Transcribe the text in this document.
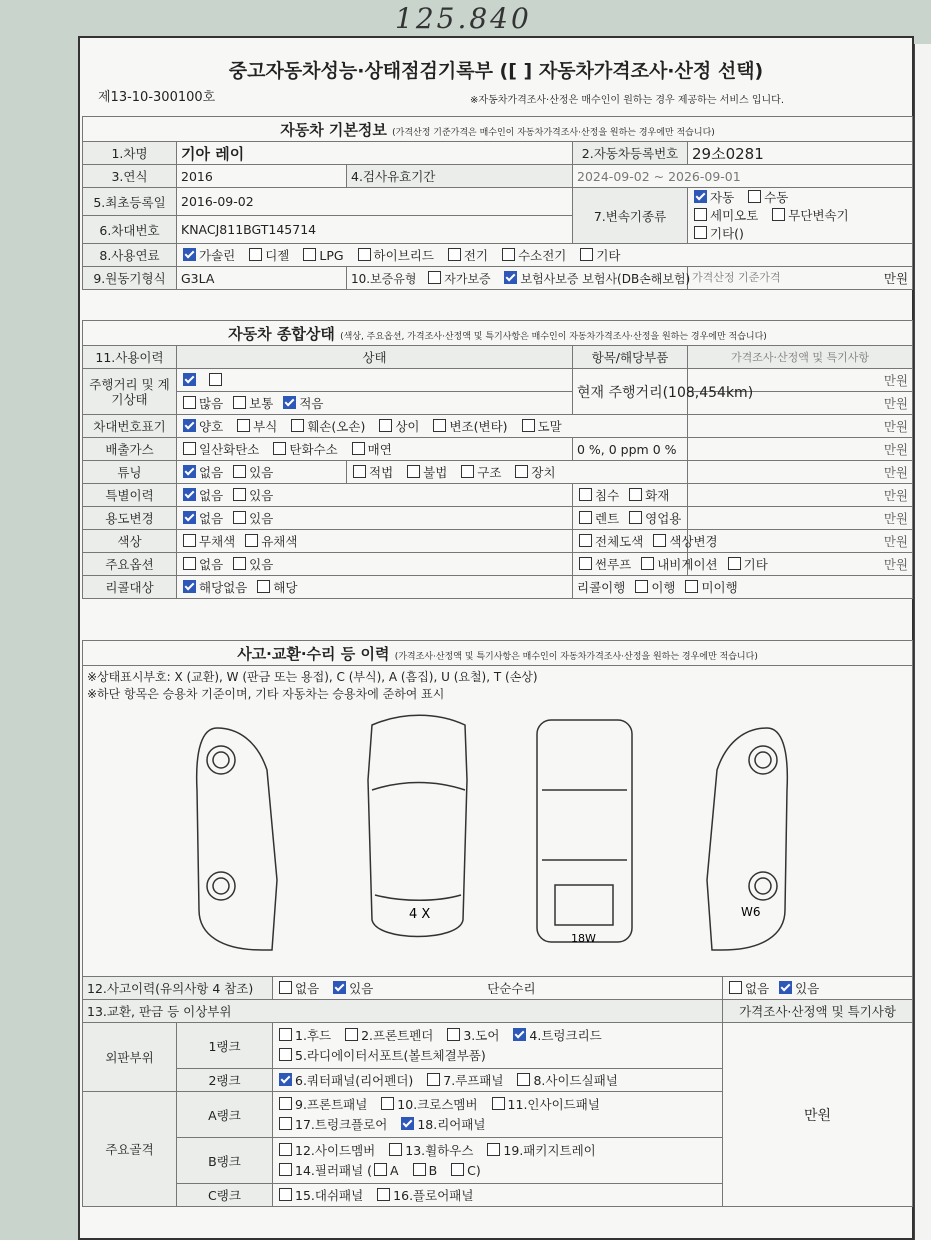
125.840
중고자동차성능·상태점검기록부 ([ ] 자동차가격조사·산정 선택)
제13-10-300100호	※자동차가격조사·산정은 매수인이 원하는 경우 제공하는 서비스 입니다.
자동차 기본정보 (가격산정 기준가격은 매수인이 자동차가격조사·산정을 원하는 경우에만 적습니다)				
1.차명	기아 레이		2.자동차등록번호	29소0281
3.연식	2016	4.검사유효기간	2024-09-02 ~ 2026-09-01	
5.최초등록일	2016-09-02		7.변속기종류	자동 수동
세미오토 무단변속기
기타()
6.차대번호	KNACJ811BGT145714			
8.사용연료	가솔린 디젤 LPG 하이브리드 전기 수소전기 기타			
9.원동기형식	G3LA	10.보증유형 자가보증 보험사보증 보험사(DB손해보험)		가격산정 기준가격 만원
자동차 종합상태 (색상, 주요옵션, 가격조사·산정액 및 특기사항은 매수인이 자동차가격조사·산정을 원하는 경우에만 적습니다)				
11.사용이력	상태		항목/해당부품	가격조사·산정액 및 특기사항
주행거리 및 계기상태			현재 주행거리(108,454km)	만원
	많음 보통 적음			만원
차대번호표기	양호 부식 훼손(오손) 상이 변조(변타) 도말			만원
배출가스	일산화탄소 탄화수소 매연		0 %, 0 ppm 0 %	만원
튜닝	없음 있음	적법 불법 구조 장치		만원
특별이력	없음 있음		침수 화재	만원
용도변경	없음 있음		렌트 영업용	만원
색상	무채색 유채색		전체도색 색상변경	만원
주요옵션	없음 있음		썬루프 내비게이션 기타	만원
리콜대상	해당없음 해당		리콜이행 이행 미이행	
사고·교환·수리 등 이력 (가격조사·산정액 및 특기사항은 매수인이 자동차가격조사·산정을 원하는 경우에만 적습니다)			

※상태표시부호: X (교환), W (판금 또는 용접), C (부식), A (흠집), U (요철), T (손상)
※하단 항목은 승용차 기준이며, 기타 자동차는 승용차에 준하여 표시			

4 X
18W
W6			

12.사고이력(유의사항 4 참조)		없음 있음 단순수리	없음 있음
13.교환, 판금 등 이상부위			가격조사·산정액 및 특기사항
외판부위	1랭크	1.후드 2.프론트펜더 3.도어 4.트렁크리드
5.라디에이터서포트(볼트체결부품)	만원
	2랭크	6.쿼터패널(리어펜더) 7.루프패널 8.사이드실패널	
주요골격	A랭크	9.프론트패널 10.크로스멤버 11.인사이드패널
17.트렁크플로어 18.리어패널	
	B랭크	12.사이드멤버 13.휠하우스 19.패키지트레이
14.필러패널 ( A B C)	
	C랭크	15.대쉬패널 16.플로어패널	
